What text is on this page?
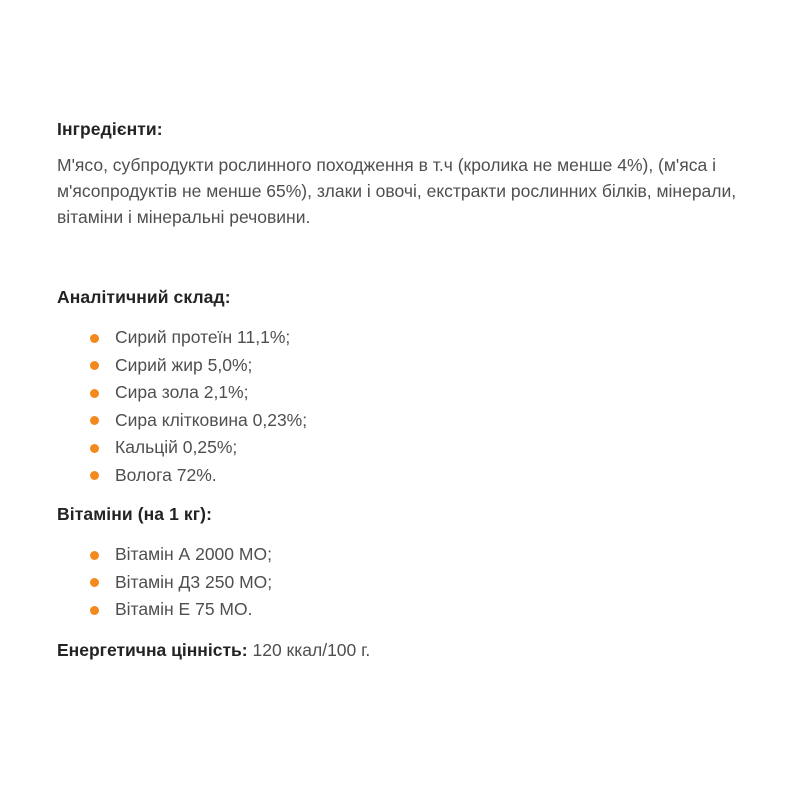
Інгредієнти:

М'ясо, субпродукти рослинного походження в т.ч (кролика не менше 4%), (м'яса і м'ясопродуктів не менше 65%), злаки і овочі, екстракти рослинних білків, мінерали, вітаміни і мінеральні речовини.

Аналітичний склад:
Сирий протеїн 11,1%;
Сирий жир 5,0%;
Сира зола 2,1%;
Сира клітковина 0,23%;
Кальцій 0,25%;
Волога 72%.
Вітаміни (на 1 кг):
Вітамін А 2000 МО;
Вітамін Д3 250 МО;
Вітамін Е 75 МО.

Енергетична цінність: 120 ккал/100 г.
